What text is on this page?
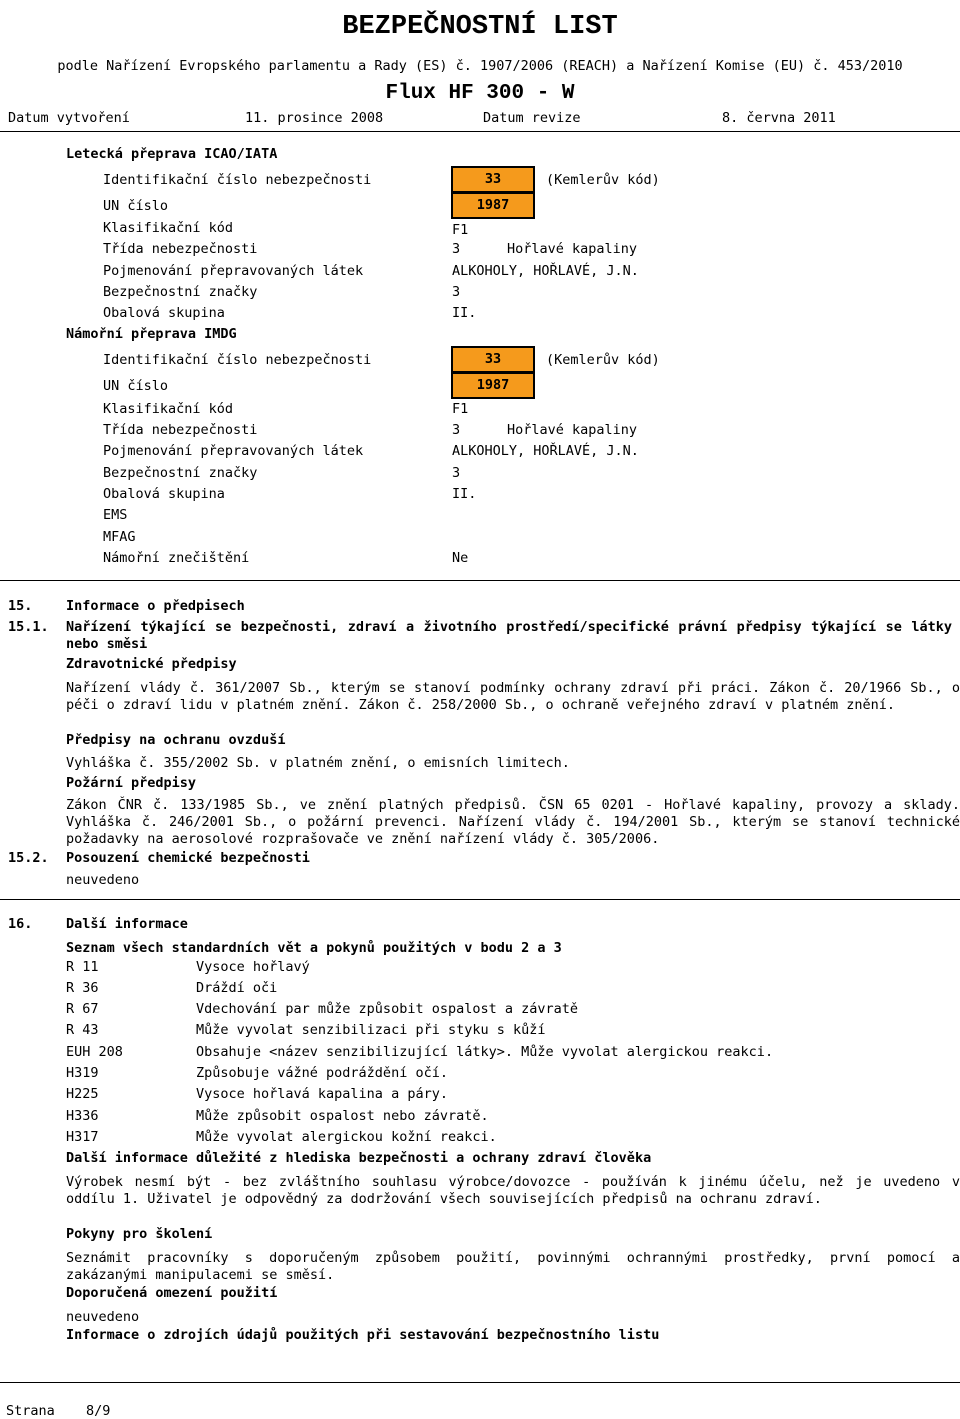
BEZPEČNOSTNÍ LIST
podle Nařízení Evropského parlamentu a Rady (ES) č. 1907/2006 (REACH) a Nařízení Komise (EU) č. 453/2010
Flux HF 300 - W
Datum vytvoření	11. prosince 2008	Datum revize	8. června 2011
Letecká přeprava ICAO/IATA
Identifikační číslo nebezpečnosti	33	(Kemlerův kód)
UN číslo	1987
Klasifikační kód	F1
Třída nebezpečnosti	3	Hořlavé kapaliny
Pojmenování přepravovaných látek	ALKOHOLY, HOŘLAVÉ, J.N.
Bezpečnostní značky	3
Obalová skupina	II.
Námořní přeprava IMDG
Identifikační číslo nebezpečnosti	33	(Kemlerův kód)
UN číslo	1987
Klasifikační kód	F1
Třída nebezpečnosti	3	Hořlavé kapaliny
Pojmenování přepravovaných látek	ALKOHOLY, HOŘLAVÉ, J.N.
Bezpečnostní značky	3
Obalová skupina	II.
EMS
MFAG
Námořní znečištění	Ne
15. Informace o předpisech
15.1. Nařízení týkající se bezpečnosti, zdraví a životního prostředí/specifické právní předpisy týkající se látky nebo směsi
Zdravotnické předpisy
Nařízení vlády č. 361/2007 Sb., kterým se stanoví podmínky ochrany zdraví při práci. Zákon č. 20/1966 Sb., o péči o zdraví lidu v platném znění. Zákon č. 258/2000 Sb., o ochraně veřejného zdraví v platném znění.
Předpisy na ochranu ovzduší
Vyhláška č. 355/2002 Sb. v platném znění, o emisních limitech.
Požární předpisy
Zákon ČNR č. 133/1985 Sb., ve znění platných předpisů. ČSN 65 0201 - Hořlavé kapaliny, provozy a sklady. Vyhláška č. 246/2001 Sb., o požární prevenci. Nařízení vlády č. 194/2001 Sb., kterým se stanoví technické požadavky na aerosolové rozprašovače ve znění nařízení vlády č. 305/2006.
15.2. Posouzení chemické bezpečnosti
neuvedeno
16. Další informace
Seznam všech standardních vět a pokynů použitých v bodu 2 a 3
R 11	Vysoce hořlavý
R 36	Dráždí oči
R 67	Vdechování par může způsobit ospalost a závratě
R 43	Může vyvolat senzibilizaci při styku s kůží
EUH 208	Obsahuje <název senzibilizující látky>. Může vyvolat alergickou reakci.
H319	Způsobuje vážné podráždění očí.
H225	Vysoce hořlavá kapalina a páry.
H336	Může způsobit ospalost nebo závratě.
H317	Může vyvolat alergickou kožní reakci.
Další informace důležité z hlediska bezpečnosti a ochrany zdraví člověka
Výrobek nesmí být - bez zvláštního souhlasu výrobce/dovozce - používán k jinému účelu, než je uvedeno v oddílu 1. Uživatel je odpovědný za dodržování všech souvisejících předpisů na ochranu zdraví.
Pokyny pro školení
Seznámit pracovníky s doporučeným způsobem použití, povinnými ochrannými prostředky, první pomocí a zakázanými manipulacemi se směsí.
Doporučená omezení použití
neuvedeno
Informace o zdrojích údajů použitých při sestavování bezpečnostního listu
Strana 8/9
